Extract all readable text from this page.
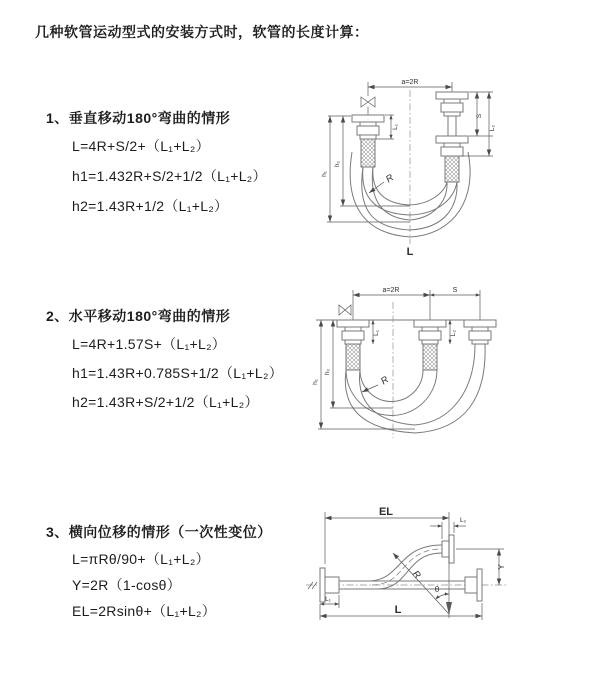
几种软管运动型式的安装方式时，软管的长度计算：
1、垂直移动180°弯曲的情形
L=4R+S/2+（L₁+L₂）
h1=1.432R+S/2+1/2（L₁+L₂）
h2=1.43R+1/2（L₁+L₂）
a=2R
L₁
h₁
h₂
R
S
L₂
L
2、水平移动180°弯曲的情形
L=4R+1.57S+（L₁+L₂）
h1=1.43R+0.785S+1/2（L₁+L₂）
h2=1.43R+S/2+1/2（L₁+L₂）
a=2R	S
L₁	L₂
h₁
h₂
R
3、横向位移的情形（一次性变位）
L=πRθ/90+（L₁+L₂）
Y=2R（1-cosθ）
EL=2Rsinθ+（L₁+L₂）
EL
L₂
Y
R
θ
L
L₁
